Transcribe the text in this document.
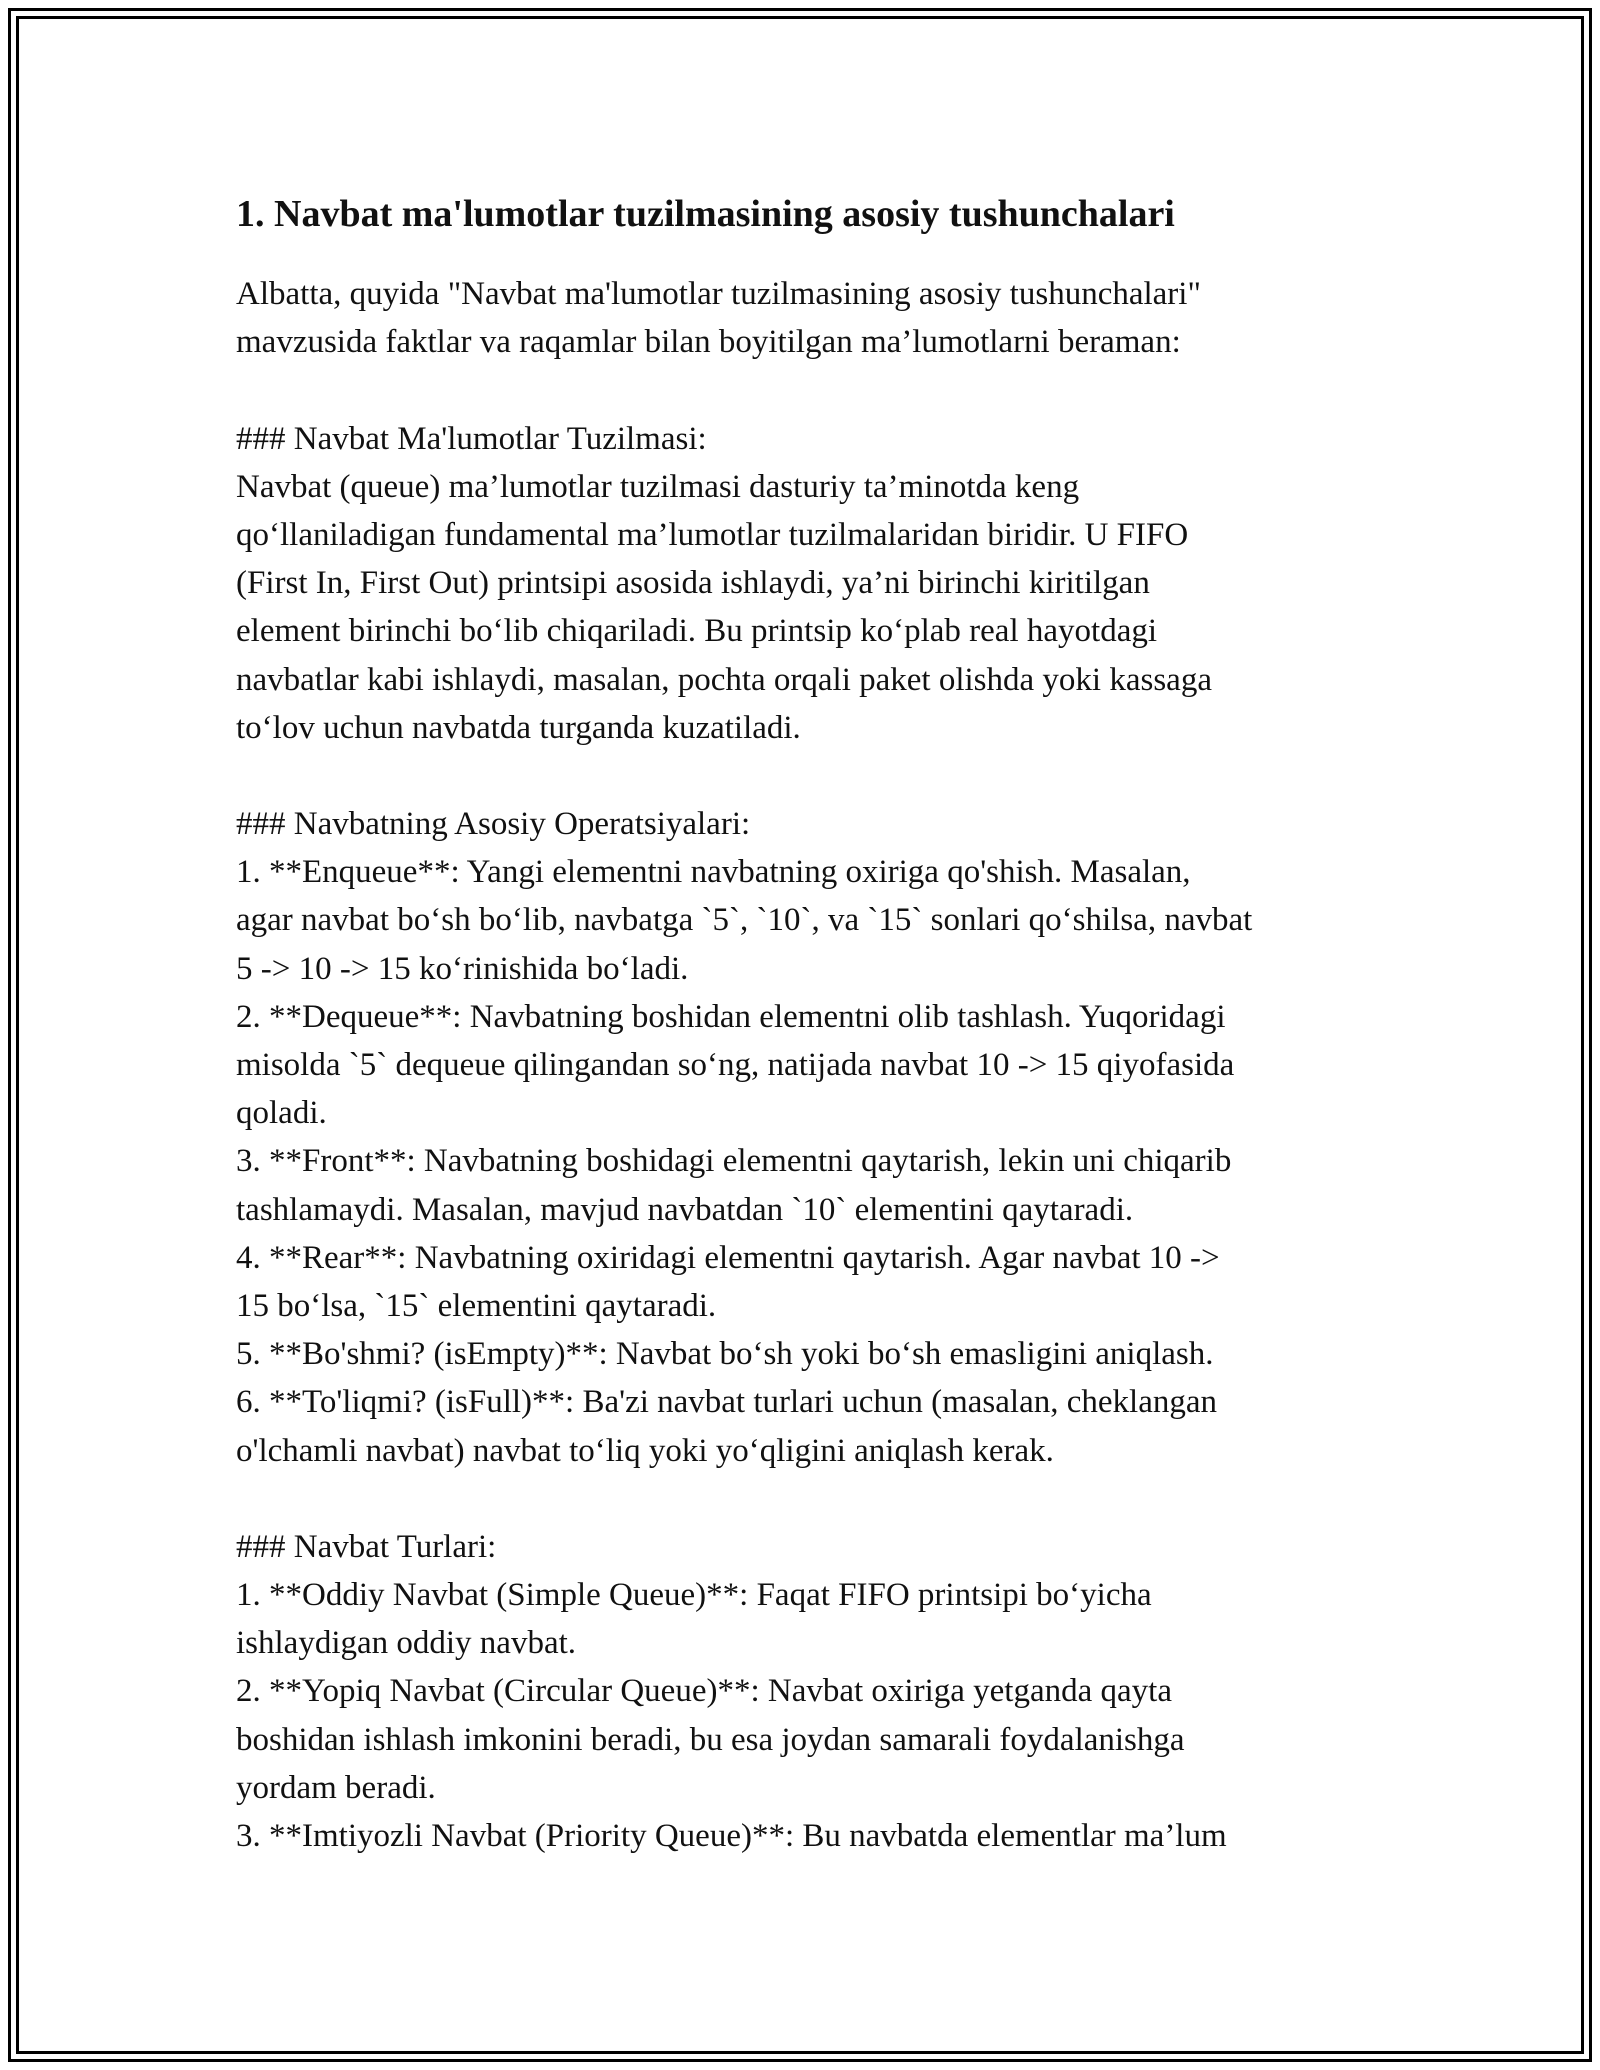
1. Navbat ma'lumotlar tuzilmasining asosiy tushunchalari
Albatta, quyida "Navbat ma'lumotlar tuzilmasining asosiy tushunchalari"
mavzusida faktlar va raqamlar bilan boyitilgan ma’lumotlarni beraman:
### Navbat Ma'lumotlar Tuzilmasi:
Navbat (queue) ma’lumotlar tuzilmasi dasturiy ta’minotda keng
qo‘llaniladigan fundamental ma’lumotlar tuzilmalaridan biridir. U FIFO
(First In, First Out) printsipi asosida ishlaydi, ya’ni birinchi kiritilgan
element birinchi bo‘lib chiqariladi. Bu printsip ko‘plab real hayotdagi
navbatlar kabi ishlaydi, masalan, pochta orqali paket olishda yoki kassaga
to‘lov uchun navbatda turganda kuzatiladi.
### Navbatning Asosiy Operatsiyalari:
1. **Enqueue**: Yangi elementni navbatning oxiriga qo'shish. Masalan,
agar navbat bo‘sh bo‘lib, navbatga `5`, `10`, va `15` sonlari qo‘shilsa, navbat
5 -> 10 -> 15 ko‘rinishida bo‘ladi.
2. **Dequeue**: Navbatning boshidan elementni olib tashlash. Yuqoridagi
misolda `5` dequeue qilingandan so‘ng, natijada navbat 10 -> 15 qiyofasida
qoladi.
3. **Front**: Navbatning boshidagi elementni qaytarish, lekin uni chiqarib
tashlamaydi. Masalan, mavjud navbatdan `10` elementini qaytaradi.
4. **Rear**: Navbatning oxiridagi elementni qaytarish. Agar navbat 10 ->
15 bo‘lsa, `15` elementini qaytaradi.
5. **Bo'shmi? (isEmpty)**: Navbat bo‘sh yoki bo‘sh emasligini aniqlash.
6. **To'liqmi? (isFull)**: Ba'zi navbat turlari uchun (masalan, cheklangan
o'lchamli navbat) navbat to‘liq yoki yo‘qligini aniqlash kerak.
### Navbat Turlari:
1. **Oddiy Navbat (Simple Queue)**: Faqat FIFO printsipi bo‘yicha
ishlaydigan oddiy navbat.
2. **Yopiq Navbat (Circular Queue)**: Navbat oxiriga yetganda qayta
boshidan ishlash imkonini beradi, bu esa joydan samarali foydalanishga
yordam beradi.
3. **Imtiyozli Navbat (Priority Queue)**: Bu navbatda elementlar ma’lum
